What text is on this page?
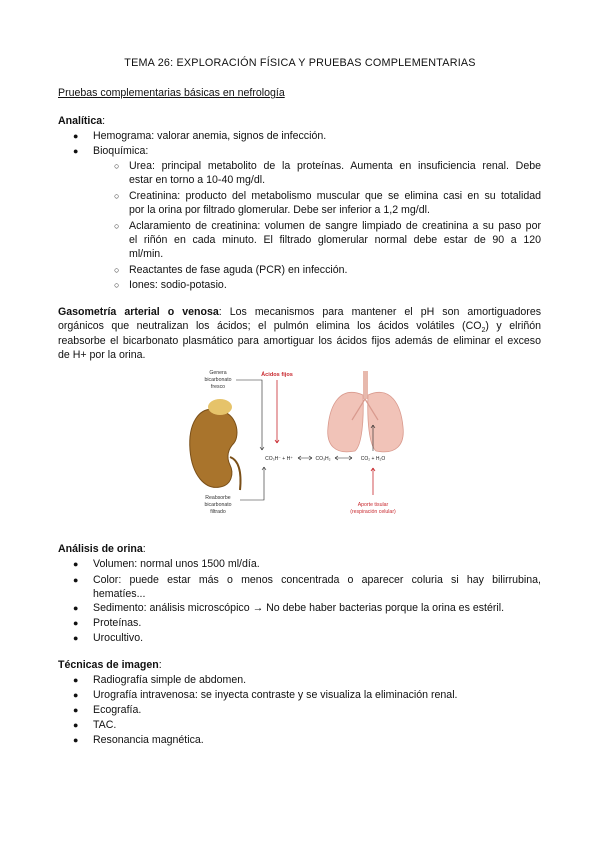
TEMA 26: EXPLORACIÓN FÍSICA Y PRUEBAS COMPLEMENTARIAS
Pruebas complementarias básicas en nefrología
Analítica:
● Hemograma: valorar anemia, signos de infección.
● Bioquímica:
○ Urea: principal metabolito de la proteínas. Aumenta en insuficiencia renal. Debe
estar en torno a 10-40 mg/dl.
○ Creatinina: producto del metabolismo muscular que se elimina casi en su totalidad
por la orina por filtrado glomerular. Debe ser inferior a 1,2 mg/dl.
○ Aclaramiento de creatinina: volumen de sangre limpiado de creatinina a su paso por
el riñón en cada minuto. El filtrado glomerular normal debe estar de 90 a 120
ml/min.
○ Reactantes de fase aguda (PCR) en infección.
○ Iones: sodio-potasio.
Gasometría arterial o venosa: Los mecanismos para mantener el pH son amortiguadores
orgánicos que neutralizan los ácidos; el pulmón elimina los ácidos volátiles $(CO_2)$ y elriñón
reabsorbe el bicarbonato plasmático para amortiguar los ácidos fijos además de eliminar el exceso
de H+ por la orina.
Genera
bicarbonato
fresco
Ácidos fijos
CO₃H⁻ + H⁺	CO₃H₂	CO₂ + H₂O
Reabsorbe
bicarbonato
filtrado
Aporte tisular
(respiración celular)
Análisis de orina:
● Volumen: normal unos 1500 ml/día.
● Color: puede estar más o menos concentrada o aparecer coluria si hay bilirrubina,
hematíes...
● Sedimento: análisis microscópico → No debe haber bacterias porque la orina es estéril.
● Proteínas.
● Urocultivo.
Técnicas de imagen:
● Radiografía simple de abdomen.
● Urografía intravenosa: se inyecta contraste y se visualiza la eliminación renal.
● Ecografía.
● TAC.
● Resonancia magnética.
